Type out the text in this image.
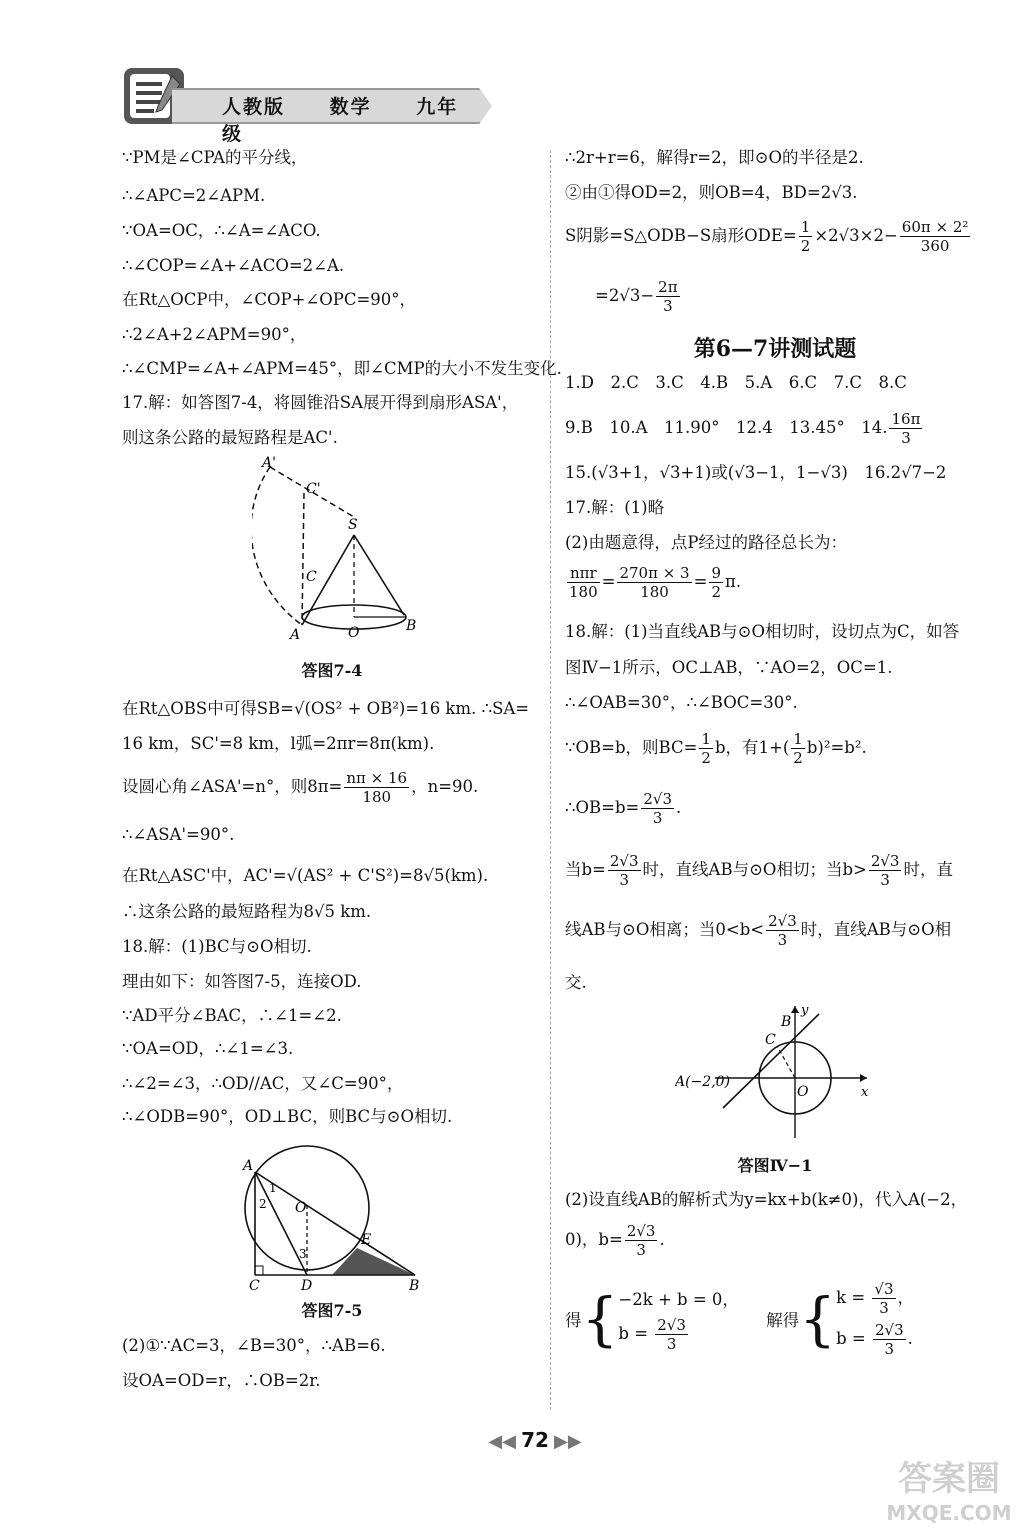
人教版 数学 九年级
∵PM是∠CPA的平分线，
∴∠APC=2∠APM.
∵OA=OC，∴∠A=∠ACO.
∴∠COP=∠A+∠ACO=2∠A.
在Rt△OCP中，∠COP+∠OPC=90°，
∴2∠A+2∠APM=90°，
∴∠CMP=∠A+∠APM=45°，即∠CMP的大小不发生变化.
17.解：如答图7-4，将圆锥沿SA展开得到扇形ASA'，
则这条公路的最短路程是AC'.
A'
C'
S
C
A	O	B
答图7-4
在Rt△OBS中可得SB=√(OS² + OB²)=16 km. ∴SA=
16 km，SC'=8 km，l弧=2πr=8π(km).
设圆心角∠ASA'=n°，则$8\pi= \frac{n\pi \times 16}{180}$ ，n=90.
∴∠ASA'=90°.
在Rt△ASC'中，AC'=√(AS² + C'S²)=8√5(km).
∴这条公路的最短路程为8√5 km.
18.解：(1)BC与⊙O相切.
理由如下：如答图7-5，连接OD.
∵AD平分∠BAC，∴∠1=∠2.
∵OA=OD，∴∠1=∠3.
∴∠2=∠3，∴OD//AC，又∠C=90°，
∴∠ODB=90°，OD⊥BC，则BC与⊙O相切.
A
1
2 O
3
E
C	D	B
答图7-5
(2)①∵AC=3，∠B=30°，∴AB=6.
设OA=OD=r，∴OB=2r.
∴2r+r=6，解得r=2，即⊙O的半径是2.
②由①得OD=2，则OB=4，BD=2√3.
S阴影=S△ODB−S扇形$ODE= \frac{1}{2} \times 2√3\times 2- \frac{\text{60π × 2²}}{360}$
$=2√3- \frac{2\pi}{3}$
第6—7讲测试题
1.D　2.C　3.C　4.B　5.A　6.C　7.C　8.C
9.B　10.A　11.90°　12.4　13.45°　14. $\frac{16\pi}{3}$
15.(√3+1，√3+1)或(√3−1，1−√3)　16.2√7−2
17.解：(1)略
(2)由题意得，点P经过的路径总长为：
$\frac{\text{nπr}}{180} = \frac{270\pi \times 3}{180} = \frac{9}{2} \pi$.
18.解：(1)当直线AB与⊙O相切时，设切点为C，如答
图Ⅳ−1所示，OC⊥AB，∵AO=2，OC=1.
∴∠OAB=30°，∴∠BOC=30°.
∵OB=b，则$BC= \frac{1}{2}$ b，有$1+( \frac{1}{2} b)^2=b^2$.
∴OB=b= $\frac{2√3}{3}$ .
当$b= \frac{2√3}{3}$ 时，直线AB与⊙O相切；当$b> \frac{2√3}{3}$ 时，直
线AB与⊙O相离；当$0<b< \frac{2√3}{3}$ 时，直线AB与⊙O相
交.
A(−2,0)
C
B
y
O	x
答图Ⅳ−1
(2)设直线AB的解析式为y=kx+b(k≠0)，代入A(−2，
0)，$b= \frac{2√3}{3}$ .
得{ −2k + b = 0，
$b = \frac{2√3}{3}$	解得{ $k = \frac{√3}{3}$ ，
$b = \frac{2√3}{3}$ .
◀◀ 72 ▶▶
答案圈
MXQE.COM
